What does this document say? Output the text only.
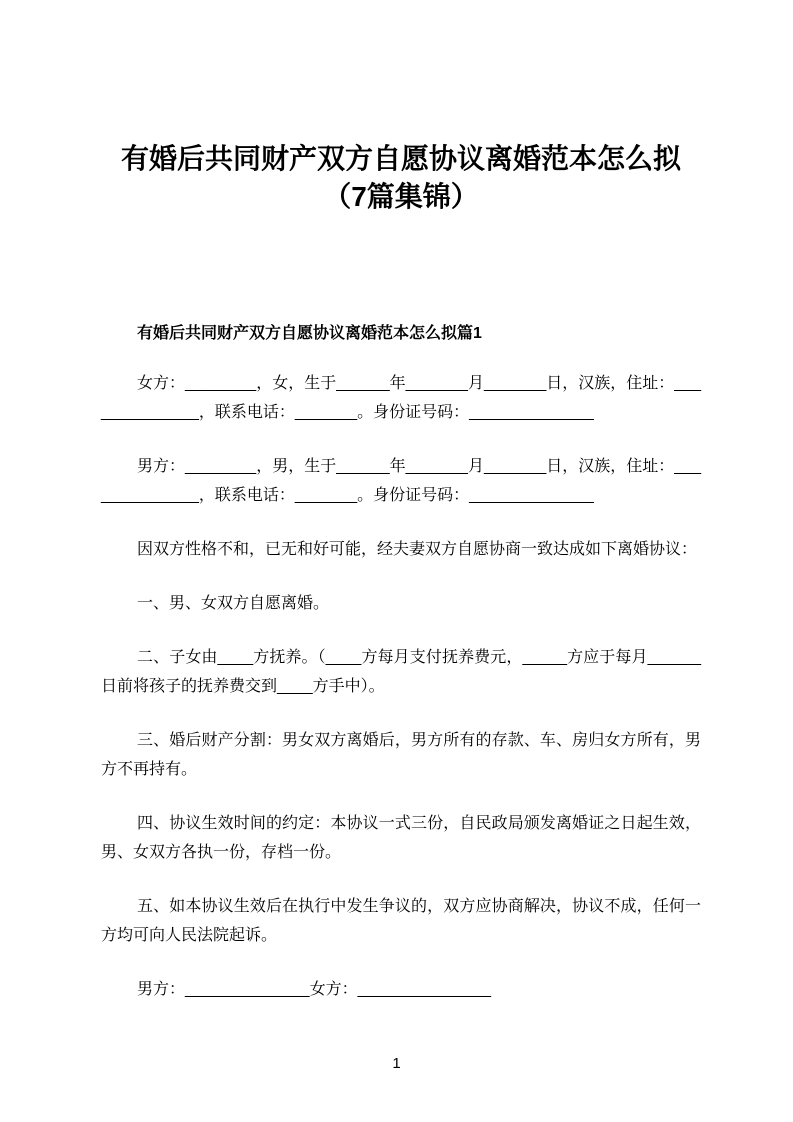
有婚后共同财产双方自愿协议离婚范本怎么拟（7篇集锦）
有婚后共同财产双方自愿协议离婚范本怎么拟篇1

女方：________，女，生于______年_______月_______日，汉族，住址：______________，联系电话：_______。身份证号码：______________

男方：________，男，生于______年_______月_______日，汉族，住址：______________，联系电话：_______。身份证号码：______________

因双方性格不和，已无和好可能，经夫妻双方自愿协商一致达成如下离婚协议：

一、男、女双方自愿离婚。

二、子女由____方抚养。（____方每月支付抚养费元，_____方应于每月______日前将孩子的抚养费交到____方手中）。

三、婚后财产分割：男女双方离婚后，男方所有的存款、车、房归女方所有，男方不再持有。

四、协议生效时间的约定：本协议一式三份，自民政局颁发离婚证之日起生效，男、女双方各执一份，存档一份。

五、如本协议生效后在执行中发生争议的，双方应协商解决，协议不成，任何一方均可向人民法院起诉。

男方：______________女方：_______________

1
